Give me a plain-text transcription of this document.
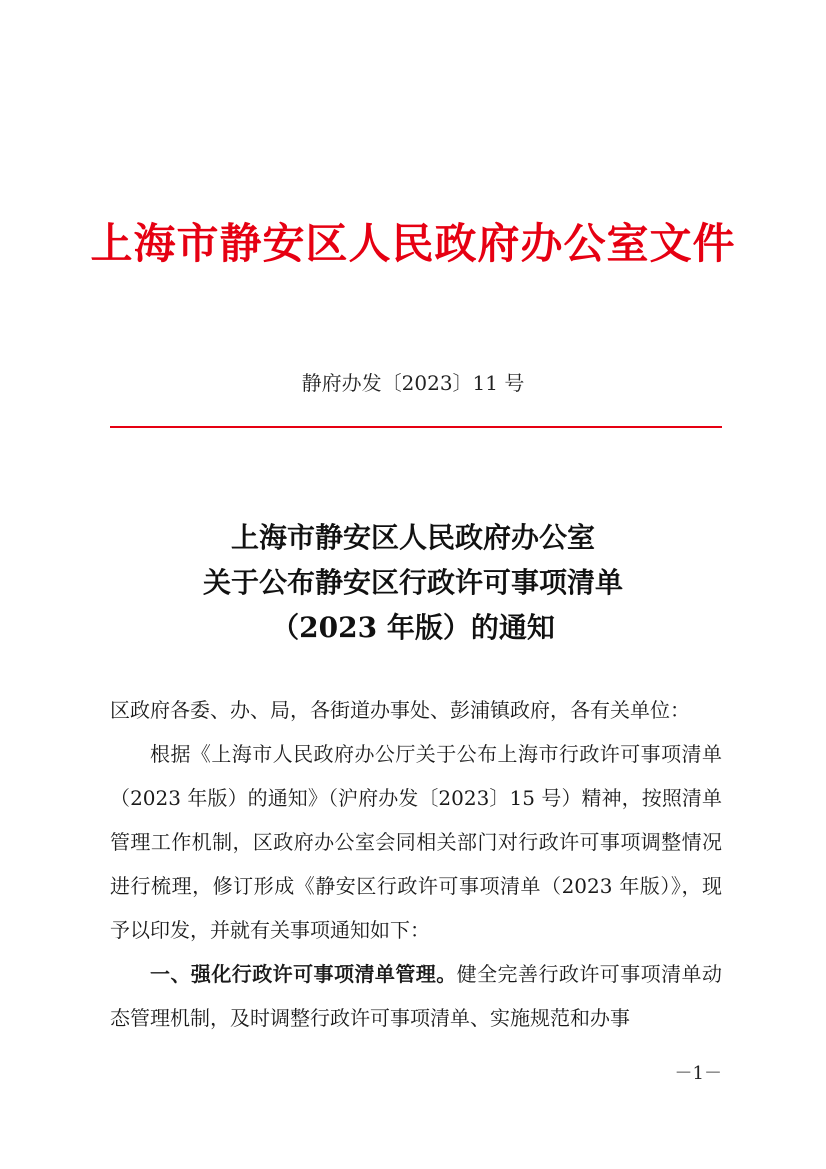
上海市静安区人民政府办公室文件
静府办发〔2023〕11 号
上海市静安区人民政府办公室
关于公布静安区行政许可事项清单
（2023 年版）的通知

区政府各委、办、局，各街道办事处、彭浦镇政府，各有关单位：

根据《上海市人民政府办公厅关于公布上海市行政许可事项清单（2023 年版）的通知》（沪府办发〔2023〕15 号）精神，按照清单管理工作机制，区政府办公室会同相关部门对行政许可事项调整情况进行梳理，修订形成《静安区行政许可事项清单（2023 年版）》，现予以印发，并就有关事项通知如下：

一、强化行政许可事项清单管理。健全完善行政许可事项清单动态管理机制，及时调整行政许可事项清单、实施规范和办事

－1－
